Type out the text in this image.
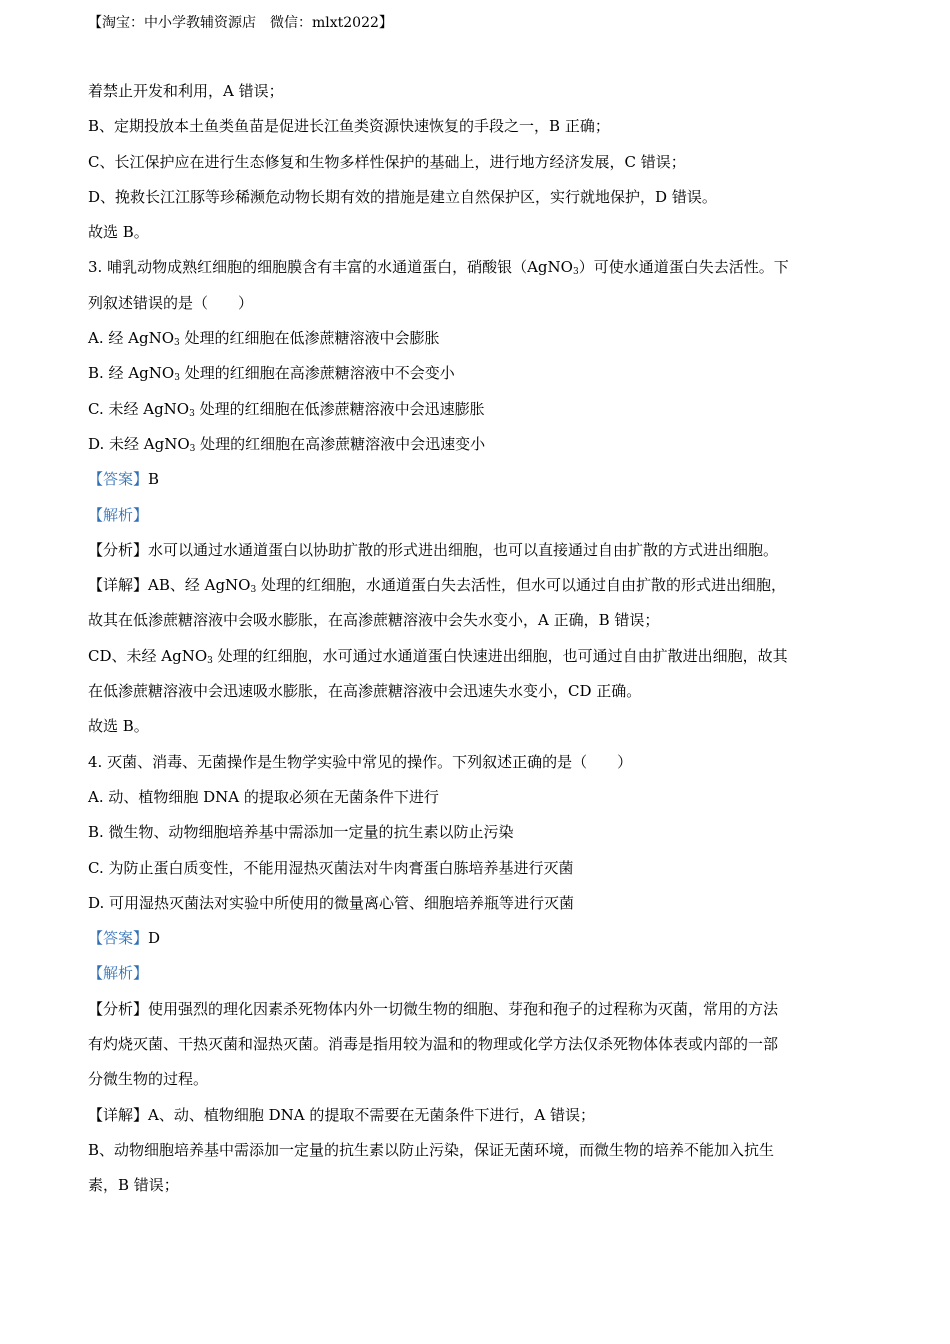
【淘宝：中小学教辅资源店　微信：mlxt2022】
着禁止开发和利用，A 错误；
B、定期投放本土鱼类鱼苗是促进长江鱼类资源快速恢复的手段之一，B 正确；
C、长江保护应在进行生态修复和生物多样性保护的基础上，进行地方经济发展，C 错误；
D、挽救长江江豚等珍稀濒危动物长期有效的措施是建立自然保护区，实行就地保护，D 错误。
故选 B。
3. 哺乳动物成熟红细胞的细胞膜含有丰富的水通道蛋白，硝酸银（AgNO$_3$）可使水通道蛋白失去活性。下
列叙述错误的是（　　）
A. 经 AgNO$_3$ 处理的红细胞在低渗蔗糖溶液中会膨胀
B. 经 AgNO$_3$ 处理的红细胞在高渗蔗糖溶液中不会变小
C. 未经 AgNO$_3$ 处理的红细胞在低渗蔗糖溶液中会迅速膨胀
D. 未经 AgNO$_3$ 处理的红细胞在高渗蔗糖溶液中会迅速变小
【答案】B
【解析】
【分析】水可以通过水通道蛋白以协助扩散的形式进出细胞，也可以直接通过自由扩散的方式进出细胞。
【详解】AB、经 AgNO$_3$ 处理的红细胞，水通道蛋白失去活性，但水可以通过自由扩散的形式进出细胞，
故其在低渗蔗糖溶液中会吸水膨胀，在高渗蔗糖溶液中会失水变小，A 正确，B 错误；
CD、未经 AgNO$_3$ 处理的红细胞，水可通过水通道蛋白快速进出细胞，也可通过自由扩散进出细胞，故其
在低渗蔗糖溶液中会迅速吸水膨胀，在高渗蔗糖溶液中会迅速失水变小，CD 正确。
故选 B。
4. 灭菌、消毒、无菌操作是生物学实验中常见的操作。下列叙述正确的是（　　）
A. 动、植物细胞 DNA 的提取必须在无菌条件下进行
B. 微生物、动物细胞培养基中需添加一定量的抗生素以防止污染
C. 为防止蛋白质变性，不能用湿热灭菌法对牛肉膏蛋白胨培养基进行灭菌
D. 可用湿热灭菌法对实验中所使用的微量离心管、细胞培养瓶等进行灭菌
【答案】D
【解析】
【分析】使用强烈的理化因素杀死物体内外一切微生物的细胞、芽孢和孢子的过程称为灭菌，常用的方法
有灼烧灭菌、干热灭菌和湿热灭菌。消毒是指用较为温和的物理或化学方法仅杀死物体体表或内部的一部
分微生物的过程。
【详解】A、动、植物细胞 DNA 的提取不需要在无菌条件下进行，A 错误；
B、动物细胞培养基中需添加一定量的抗生素以防止污染，保证无菌环境，而微生物的培养不能加入抗生
素，B 错误；
